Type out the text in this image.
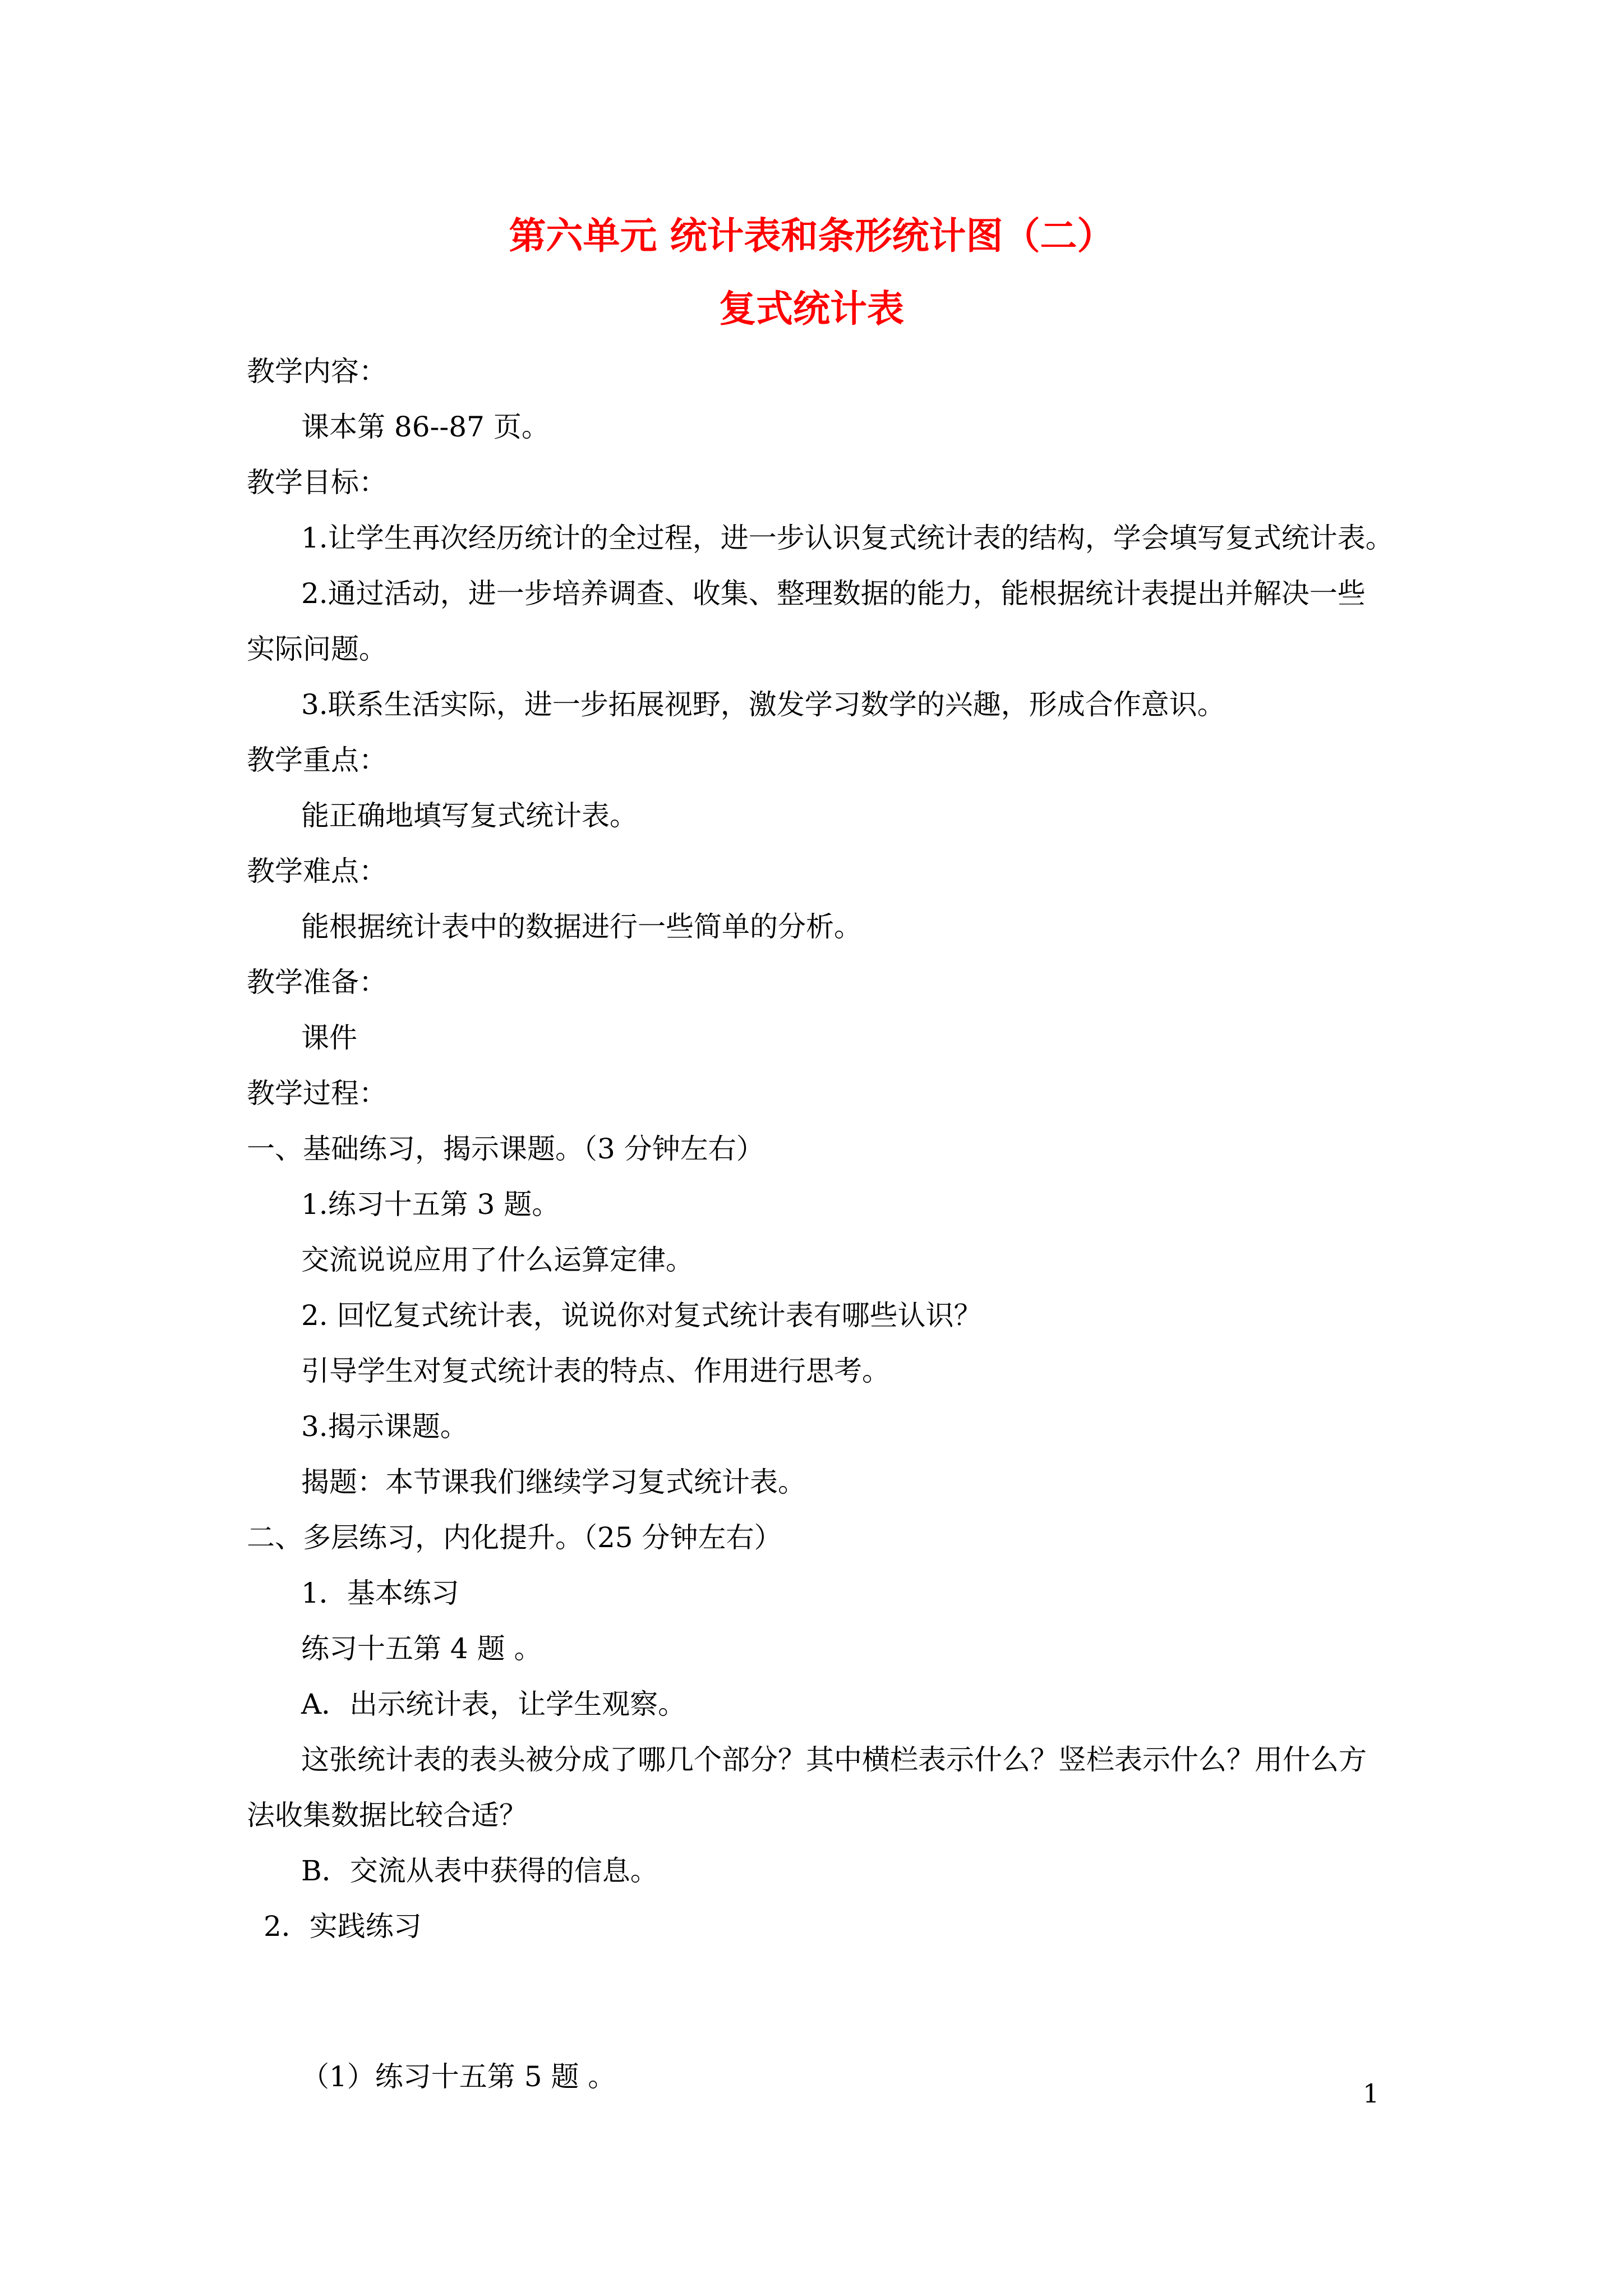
第六单元 统计表和条形统计图（二）
复式统计表
教学内容：
课本第 86--87 页。
教学目标：
1.让学生再次经历统计的全过程，进一步认识复式统计表的结构，学会填写复式统计表。
2.通过活动，进一步培养调查、收集、整理数据的能力，能根据统计表提出并解决一些
实际问题。
3.联系生活实际，进一步拓展视野，激发学习数学的兴趣，形成合作意识。
教学重点：
能正确地填写复式统计表。
教学难点：
能根据统计表中的数据进行一些简单的分析。
教学准备：
课件
教学过程：
一、基础练习，揭示课题。（3 分钟左右）
1.练习十五第 3 题。
交流说说应用了什么运算定律。
2. 回忆复式统计表，说说你对复式统计表有哪些认识？
引导学生对复式统计表的特点、作用进行思考。
3.揭示课题。
揭题：本节课我们继续学习复式统计表。
二、多层练习，内化提升。（25 分钟左右）
1．基本练习
练习十五第 4 题 。
A．出示统计表，让学生观察。
这张统计表的表头被分成了哪几个部分？其中横栏表示什么？竖栏表示什么？用什么方
法收集数据比较合适？
B．交流从表中获得的信息。
2．实践练习
（1）练习十五第 5 题 。
1
